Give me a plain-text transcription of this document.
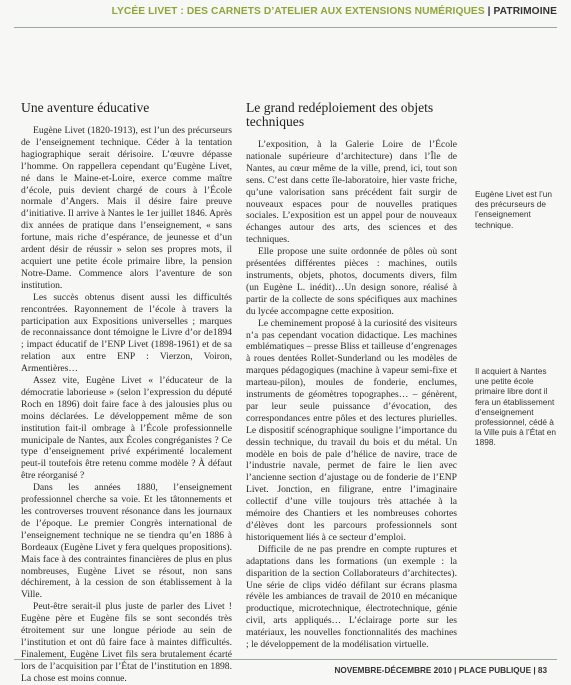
LYCÉE LIVET : DES CARNETS D’ATELIER AUX EXTENSIONS NUMÉRIQUES | PATRIMOINE
Une aventure éducative

Eugène Livet (1820-1913), est l’un des précurseurs de l’enseignement technique. Céder à la tentation hagiographique serait dérisoire. L’œuvre dépasse l’homme. On rappellera cependant qu’Eugène Livet, né dans le Maine-et-Loire, exerce comme maître d’école, puis devient chargé de cours à l’École normale d’Angers. Mais il désire faire preuve d’initiative. Il arrive à Nantes le 1er juillet 1846. Après dix années de pratique dans l’enseignement, « sans fortune, mais riche d’espérance, de jeunesse et d’un ardent désir de réussir » selon ses propres mots, il acquiert une petite école primaire libre, la pension Notre-Dame. Commence alors l’aventure de son institution.

Les succès obtenus disent aussi les difficultés rencontrées. Rayonnement de l’école à travers la participation aux Expositions universelles ; marques de reconnaissance dont témoigne le Livre d’or de1894 ; impact éducatif de l’ENP Livet (1898-1961) et de sa relation aux entre ENP : Vierzon, Voiron, Armentières…

Assez vite, Eugène Livet « l’éducateur de la démocratie laborieuse » (selon l’expression du député Roch en 1896) doit faire face à des jalousies plus ou moins déclarées. Le développement même de son institution fait-il ombrage à l’École professionnelle municipale de Nantes, aux Écoles congréganistes ? Ce type d’enseignement privé expérimenté localement peut-il toutefois être retenu comme modèle ? À défaut être réorganisé ?

Dans les années 1880, l’enseignement professionnel cherche sa voie. Et les tâtonnements et les controverses trouvent résonance dans les journaux de l’époque. Le premier Congrès international de l’enseignement technique ne se tiendra qu’en 1886 à Bordeaux (Eugène Livet y fera quelques propositions). Mais face à des contraintes financières de plus en plus nombreuses, Eugène Livet se résout, non sans déchirement, à la cession de son établissement à la Ville.

Peut-être serait-il plus juste de parler des Livet ! Eugène père et Eugène fils se sont secondés très étroitement sur une longue période au sein de l’institution et ont dû faire face à maintes difficultés. Finalement, Eugène Livet fils sera brutalement écarté lors de l’acquisition par l’État de l’institution en 1898. La chose est moins connue.

Le grand redéploiement des objets techniques

L’exposition, à la Galerie Loire de l’École nationale supérieure d’architecture) dans l’Île de Nantes, au cœur même de la ville, prend, ici, tout son sens. C’est dans cette île-laboratoire, hier vaste friche, qu’une valorisation sans précédent fait surgir de nouveaux espaces pour de nouvelles pratiques sociales. L’exposition est un appel pour de nouveaux échanges autour des arts, des sciences et des techniques.

Elle propose une suite ordonnée de pôles où sont présentées différentes pièces : machines, outils instruments, objets, photos, documents divers, film (un Eugène L. inédit)…Un design sonore, réalisé à partir de la collecte de sons spécifiques aux machines du lycée accompagne cette exposition.

Le cheminement proposé à la curiosité des visiteurs n’a pas cependant vocation didactique. Les machines emblématiques – presse Bliss et tailleuse d’engrenages à roues dentées Rollet-Sunderland ou les modèles de marques pédagogiques (machine à vapeur semi-fixe et marteau-pilon), moules de fonderie, enclumes, instruments de géomètres topographes… – génèrent, par leur seule puissance d’évocation, des correspondances entre pôles et des lectures plurielles. Le dispositif scénographique souligne l’importance du dessin technique, du travail du bois et du métal. Un modèle en bois de pale d’hélice de navire, trace de l’industrie navale, permet de faire le lien avec l’ancienne section d’ajustage ou de fonderie de l’ENP Livet. Jonction, en filigrane, entre l’imaginaire collectif d’une ville toujours très attachée à la mémoire des Chantiers et les nombreuses cohortes d’élèves dont les parcours professionnels sont historiquement liés à ce secteur d’emploi.

Difficile de ne pas prendre en compte ruptures et adaptations dans les formations (un exemple : la disparition de la section Collaborateurs d’architectes). Une série de clips vidéo défilant sur écrans plasma révèle les ambiances de travail de 2010 en mécanique productique, microtechnique, électrotechnique, génie civil, arts appliqués… L’éclairage porte sur les matériaux, les nouvelles fonctionnalités des machines ; le développement de la modélisation virtuelle.

Eugène Livet est l’un des précurseurs de l’enseignement technique.
Il acquiert à Nantes une petite école primaire libre dont il fera un établissement d’enseignement professionnel, cédé à la Ville puis à l’État en 1898.
NOVEMBRE-DÉCEMBRE 2010 | PLACE PUBLIQUE | 83
